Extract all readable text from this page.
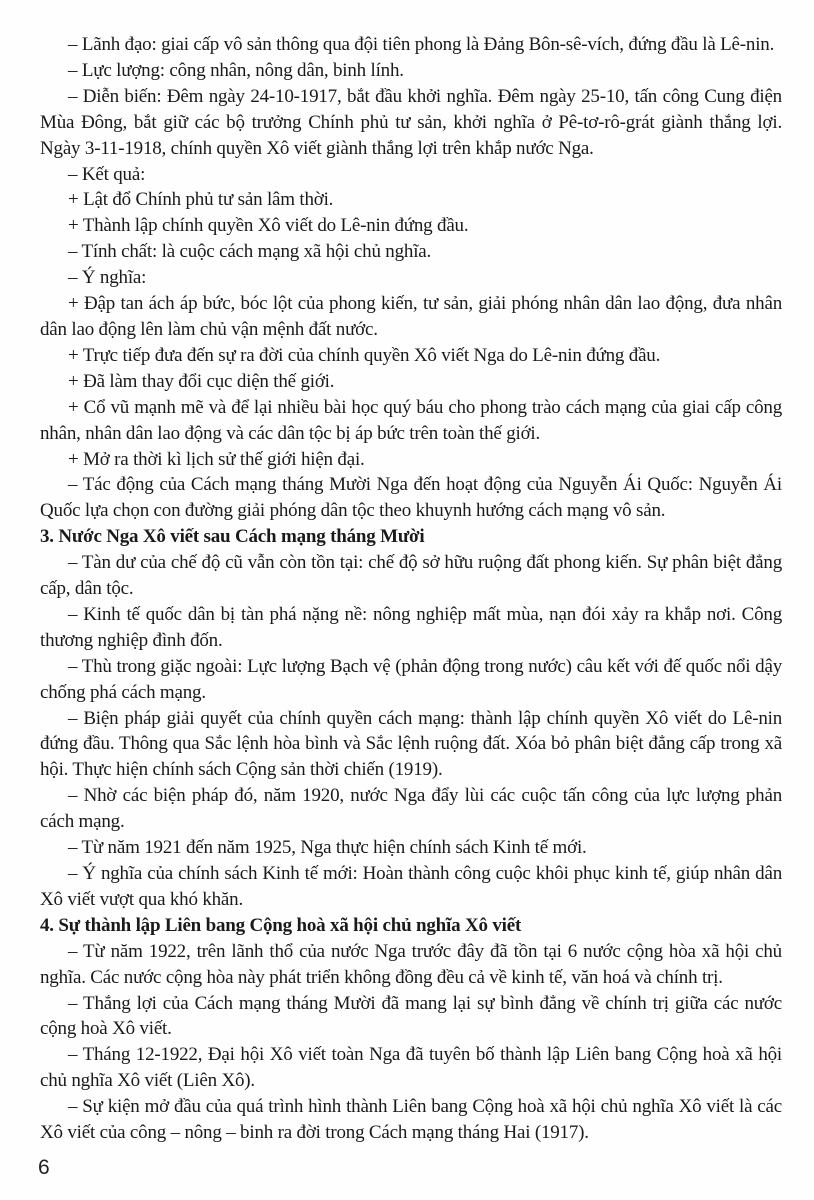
– Lãnh đạo: giai cấp vô sản thông qua đội tiên phong là Đảng Bôn-sê-vích, đứng đầu là Lê-nin.

– Lực lượng: công nhân, nông dân, binh lính.

– Diễn biến: Đêm ngày 24-10-1917, bắt đầu khởi nghĩa. Đêm ngày 25-10, tấn công Cung điện Mùa Đông, bắt giữ các bộ trưởng Chính phủ tư sản, khởi nghĩa ở Pê-tơ-rô-grát giành thắng lợi. Ngày 3-11-1918, chính quyền Xô viết giành thắng lợi trên khắp nước Nga.

– Kết quả:

+ Lật đổ Chính phủ tư sản lâm thời.

+ Thành lập chính quyền Xô viết do Lê-nin đứng đầu.

– Tính chất: là cuộc cách mạng xã hội chủ nghĩa.

– Ý nghĩa:

+ Đập tan ách áp bức, bóc lột của phong kiến, tư sản, giải phóng nhân dân lao động, đưa nhân dân lao động lên làm chủ vận mệnh đất nước.

+ Trực tiếp đưa đến sự ra đời của chính quyền Xô viết Nga do Lê-nin đứng đầu.

+ Đã làm thay đổi cục diện thế giới.

+ Cổ vũ mạnh mẽ và để lại nhiều bài học quý báu cho phong trào cách mạng của giai cấp công nhân, nhân dân lao động và các dân tộc bị áp bức trên toàn thế giới.

+ Mở ra thời kì lịch sử thế giới hiện đại.

– Tác động của Cách mạng tháng Mười Nga đến hoạt động của Nguyễn Ái Quốc: Nguyễn Ái Quốc lựa chọn con đường giải phóng dân tộc theo khuynh hướng cách mạng vô sản.

3. Nước Nga Xô viết sau Cách mạng tháng Mười

– Tàn dư của chế độ cũ vẫn còn tồn tại: chế độ sở hữu ruộng đất phong kiến. Sự phân biệt đẳng cấp, dân tộc.

– Kinh tế quốc dân bị tàn phá nặng nề: nông nghiệp mất mùa, nạn đói xảy ra khắp nơi. Công thương nghiệp đình đốn.

– Thù trong giặc ngoài: Lực lượng Bạch vệ (phản động trong nước) câu kết với đế quốc nổi dậy chống phá cách mạng.

– Biện pháp giải quyết của chính quyền cách mạng: thành lập chính quyền Xô viết do Lê-nin đứng đầu. Thông qua Sắc lệnh hòa bình và Sắc lệnh ruộng đất. Xóa bỏ phân biệt đẳng cấp trong xã hội. Thực hiện chính sách Cộng sản thời chiến (1919).

– Nhờ các biện pháp đó, năm 1920, nước Nga đẩy lùi các cuộc tấn công của lực lượng phản cách mạng.

– Từ năm 1921 đến năm 1925, Nga thực hiện chính sách Kinh tế mới.

– Ý nghĩa của chính sách Kinh tế mới: Hoàn thành công cuộc khôi phục kinh tế, giúp nhân dân Xô viết vượt qua khó khăn.

4. Sự thành lập Liên bang Cộng hoà xã hội chủ nghĩa Xô viết

– Từ năm 1922, trên lãnh thổ của nước Nga trước đây đã tồn tại 6 nước cộng hòa xã hội chủ nghĩa. Các nước cộng hòa này phát triển không đồng đều cả về kinh tế, văn hoá và chính trị.

– Thắng lợi của Cách mạng tháng Mười đã mang lại sự bình đẳng về chính trị giữa các nước cộng hoà Xô viết.

– Tháng 12-1922, Đại hội Xô viết toàn Nga đã tuyên bố thành lập Liên bang Cộng hoà xã hội chủ nghĩa Xô viết (Liên Xô).

– Sự kiện mở đầu của quá trình hình thành Liên bang Cộng hoà xã hội chủ nghĩa Xô viết là các Xô viết của công – nông – binh ra đời trong Cách mạng tháng Hai (1917).

6
